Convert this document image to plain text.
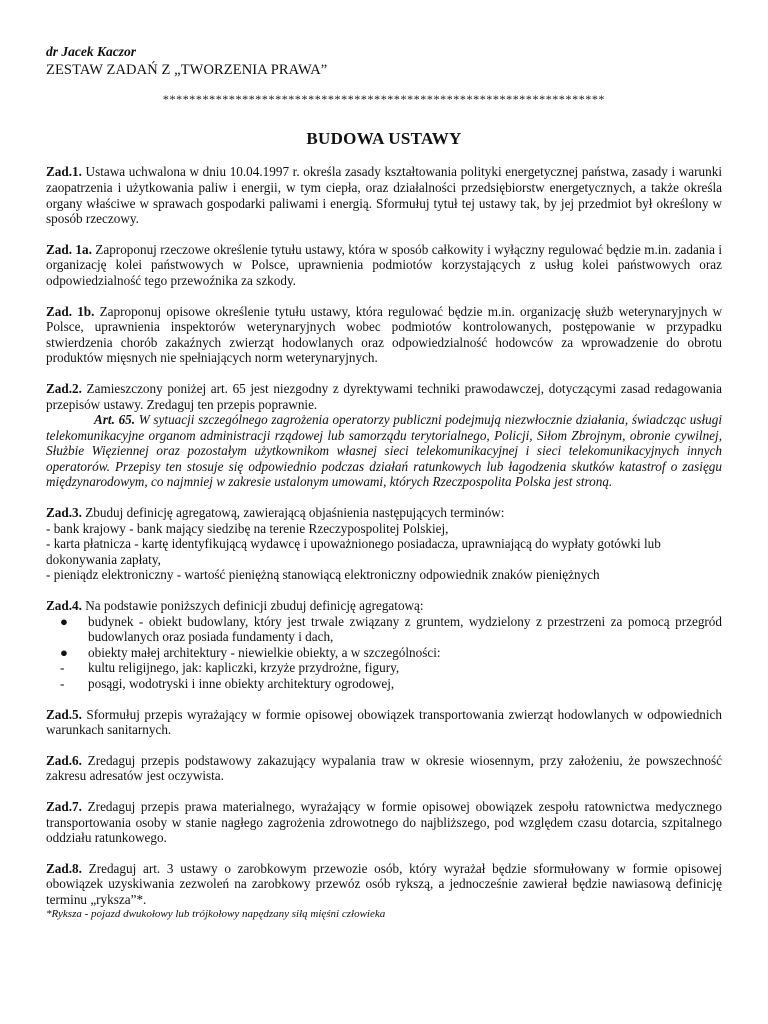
dr Jacek Kaczor

ZESTAW ZADAŃ Z „TWORZENIA PRAWA”

*******************************************************************

BUDOWA USTAWY

Zad.1. Ustawa uchwalona w dniu 10.04.1997 r. określa zasady kształtowania polityki energetycznej państwa, zasady i warunki zaopatrzenia i użytkowania paliw i energii, w tym ciepła, oraz działalności przedsiębiorstw energetycznych, a także określa organy właściwe w sprawach gospodarki paliwami i energią. Sformułuj tytuł tej ustawy tak, by jej przedmiot był określony w sposób rzeczowy.

Zad. 1a. Zaproponuj rzeczowe określenie tytułu ustawy, która w sposób całkowity i wyłączny regulować będzie m.in. zadania i organizację kolei państwowych w Polsce, uprawnienia podmiotów korzystających z usług kolei państwowych oraz odpowiedzialność tego przewoźnika za szkody.

Zad. 1b. Zaproponuj opisowe określenie tytułu ustawy, która regulować będzie m.in. organizację służb weterynaryjnych w Polsce, uprawnienia inspektorów weterynaryjnych wobec podmiotów kontrolowanych, postępowanie w przypadku stwierdzenia chorób zakaźnych zwierząt hodowlanych oraz odpowiedzialność hodowców za wprowadzenie do obrotu produktów mięsnych nie spełniających norm weterynaryjnych.

Zad.2. Zamieszczony poniżej art. 65 jest niezgodny z dyrektywami techniki prawodawczej, dotyczącymi zasad redagowania przepisów ustawy. Zredaguj ten przepis poprawnie.

Art. 65. W sytuacji szczególnego zagrożenia operatorzy publiczni podejmują niezwłocznie działania, świadcząc usługi telekomunikacyjne organom administracji rządowej lub samorządu terytorialnego, Policji, Siłom Zbrojnym, obronie cywilnej, Służbie Więziennej oraz pozostałym użytkownikom własnej sieci telekomunikacyjnej i sieci telekomunikacyjnych innych operatorów. Przepisy ten stosuje się odpowiednio podczas działań ratunkowych lub łagodzenia skutków katastrof o zasięgu międzynarodowym, co najmniej w zakresie ustalonym umowami, których Rzeczpospolita Polska jest stroną.

Zad.3. Zbuduj definicję agregatową, zawierającą objaśnienia następujących terminów:

- bank krajowy - bank mający siedzibę na terenie Rzeczypospolitej Polskiej,

- karta płatnicza - kartę identyfikującą wydawcę i upoważnionego posiadacza, uprawniającą do wypłaty gotówki lub dokonywania zapłaty,

- pieniądz elektroniczny - wartość pieniężną stanowiącą elektroniczny odpowiednik znaków pieniężnych

Zad.4. Na podstawie poniższych definicji zbuduj definicję agregatową:

● budynek - obiekt budowlany, który jest trwale związany z gruntem, wydzielony z przestrzeni za pomocą przegród budowlanych oraz posiada fundamenty i dach,
● obiekty małej architektury - niewielkie obiekty, a w szczególności:
- kultu religijnego, jak: kapliczki, krzyże przydrożne, figury,
- posągi, wodotryski i inne obiekty architektury ogrodowej,

Zad.5. Sformułuj przepis wyrażający w formie opisowej obowiązek transportowania zwierząt hodowlanych w odpowiednich warunkach sanitarnych.

Zad.6. Zredaguj przepis podstawowy zakazujący wypalania traw w okresie wiosennym, przy założeniu, że powszechność zakresu adresatów jest oczywista.

Zad.7. Zredaguj przepis prawa materialnego, wyrażający w formie opisowej obowiązek zespołu ratownictwa medycznego transportowania osoby w stanie nagłego zagrożenia zdrowotnego do najbliższego, pod względem czasu dotarcia, szpitalnego oddziału ratunkowego.

Zad.8. Zredaguj art. 3 ustawy o zarobkowym przewozie osób, który wyrażał będzie sformułowany w formie opisowej obowiązek uzyskiwania zezwoleń na zarobkowy przewóz osób rykszą, a jednocześnie zawierał będzie nawiasową definicję terminu „ryksza”*.

*Ryksza - pojazd dwukołowy lub trójkołowy napędzany siłą mięśni człowieka
